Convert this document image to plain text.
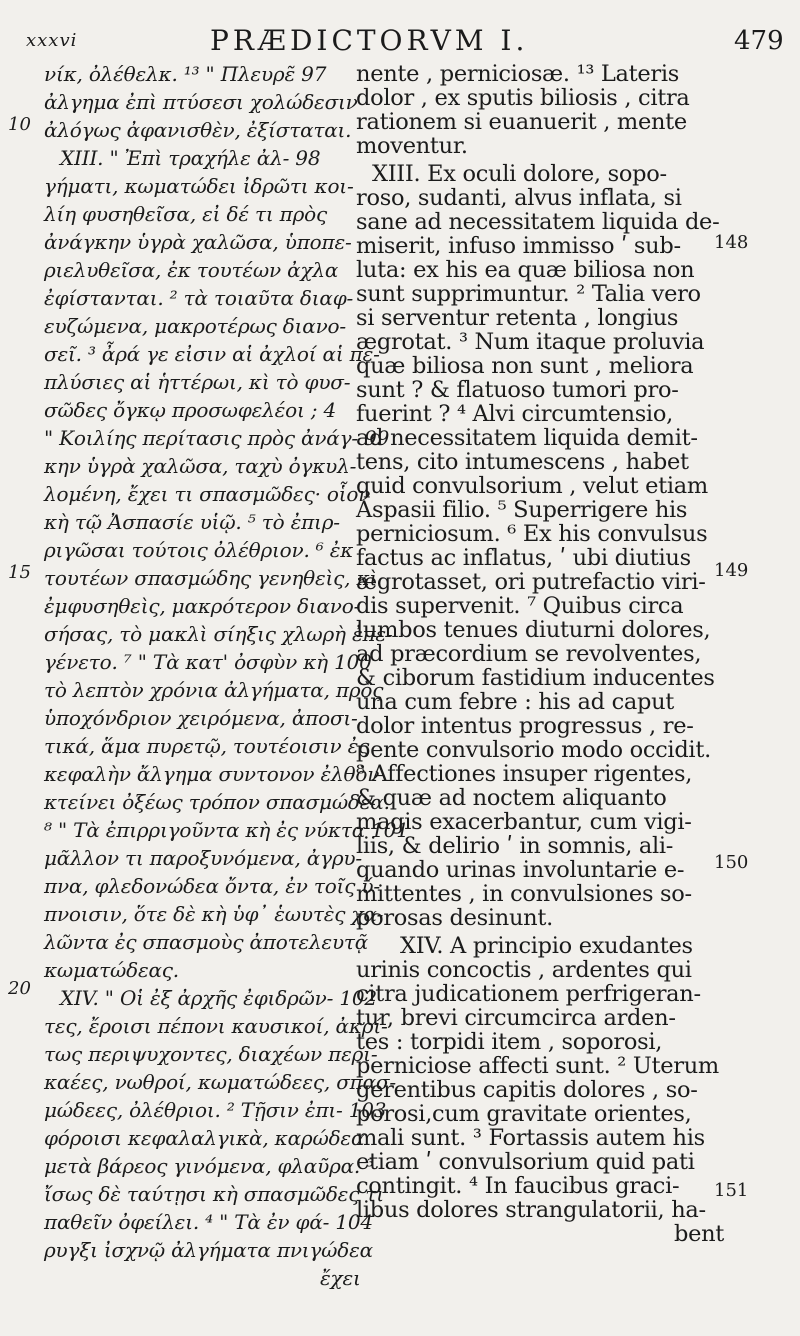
xxxvi	PRÆDICTORVM I.	479
10
15
20
148
149
150
151
νίκ, ὀλέθελκ. ¹³ " Πλευρε̃ 97
ἀλγημα ἐπὶ πτύσεσι χολώδεσιν
ἀλόγως ἀφανισθὲν, ἐξίσταται.
XIII. " Ἐπὶ τραχήλε ἀλ- 98
γήματι, κωματώδει ἰδρῶτι κοι-
λίη φυσηθεῖσα, εἰ δέ τι πρὸς
ἀνάγκην ὑγρὰ χαλῶσα, ὑποπε-
ριελυθεῖσα, ἐκ τουτέων ἀχλα
ἐφίστανται. ² τὰ τοιαῦτα διαφ-
ευζώμενα, μακροτέρως διανο-
σεῖ. ³ ἆρά γε εἰσιν αἱ ἀχλοί αἱ πε-
πλύσιες αἱ ἡττέρωι, κὶ τὸ φυσ-
σῶδες ὄγκῳ προσωφελέοι ; 4
" Κοιλίης περίτασις πρὸς ἀνάγ- 99
κην ὑγρὰ χαλῶσα, ταχὺ ὀγκυλ-
λομένη, ἔχει τι σπασμῶδες· οἷον
κὴ τῷ Ἀσπασίε υἱῷ. ⁵ τὸ ἐπιρ-
ριγῶσαι τούτοις ὀλέθριον. ⁶ ἐκ
τουτέων σπασμώδης γενηθεὶς, κὶ
ἐμφυσηθεὶς, μακρότερον διανο-
σήσας, τὸ μακλὶ σίηξις χλωρὴ ἐπε-
γένετο. ⁷ " Τὰ κατ' ὀσφὺν κὴ 100
τὸ λεπτὸν χρόνια ἀλγήματα, πρὸς
ὑποχόνδριον χειρόμενα, ἀποσι-
τικά, ἅμα πυρετῷ, τουτέοισιν ἐς
κεφαλὴν ἄλγημα συντονον ἐλθὸν
κτείνει ὀξέως τρόπον σπασμώδεα.
⁸ " Τὰ ἐπιρριγοῦντα κὴ ἐς νύκτα 101
μᾶλλον τι παροξυνόμενα, ἀγρυ-
πνα, φλεδονώδεα ὄντα, ἐν τοῖς ὕ-
πνοισιν, ὅτε δὲ κὴ ὑφ᾽ ἑωυτὲς χα-
λῶντα ἐς σπασμοὺς ἀποτελευτᾷ
κωματώδεας.
XIV. " Οἱ ἐξ ἀρχῆς ἐφιδρῶν- 102
τες, ἔροισι πέπονι καυσικοί, ἀκρί-
τως περιψυχοντες, διαχέων περι-
καέες, νωθροί, κωματώδεες, σπασ-
μώδεες, ὀλέθριοι. ² Τῇσιν ἐπι- 103
φόροισι κεφαλαλγικὰ, καρώδεα
μετὰ βάρεος γινόμενα, φλαῦρα. ³
ἴσως δὲ ταύτῃσι κὴ σπασμῶδες τι
παθεῖν ὀφείλει. ⁴ " Τὰ ἐν φά- 104
ρυγξι ἰσχνῷ ἀλγήματα πνιγώδεα
ἔχει
nente , perniciosæ. ¹³ Lateris
dolor , ex sputis biliosis , citra
rationem si euanuerit , mente
moventur.
XIII. Ex oculi dolore, sopo-
roso, sudanti, alvus inflata, si
sane ad necessitatem liquida de-
miserit, infuso immisso ʹ sub-
luta: ex his ea quæ biliosa non
sunt supprimuntur. ² Talia vero
si serventur retenta , longius
ægrotat. ³ Num itaque proluvia
quæ biliosa non sunt , meliora
sunt ? & flatuoso tumori pro-
fuerint ? ⁴ Alvi circumtensio,
ad necessitatem liquida demit-
tens, cito intumescens , habet
quid convulsorium , velut etiam
Aspasii filio. ⁵ Superrigere his
perniciosum. ⁶ Ex his convulsus
factus ac inflatus, ʹ ubi diutius
ægrotasset, ori putrefactio viri-
dis supervenit. ⁷ Quibus circa
lumbos tenues diuturni dolores,
ad præcordium se revolventes,
& ciborum fastidium inducentes
una cum febre : his ad caput
dolor intentus progressus , re-
pente convulsorio modo occidit.
⁸ Affectiones insuper rigentes,
& quæ ad noctem aliquanto
magis exacerbantur, cum vigi-
liis, & delirio ʹ in somnis, ali-
quando urinas involuntarie e-
mittentes , in convulsiones so-
porosas desinunt.
XIV. A principio exudantes
urinis concoctis , ardentes qui
citra judicationem perfrigeran-
tur, brevi circumcirca arden-
tes : torpidi item , soporosi,
perniciose affecti sunt. ² Uterum
gerentibus capitis dolores , so-
porosi,cum gravitate orientes,
mali sunt. ³ Fortassis autem his
etiam ʹ convulsorium quid pati
contingit. ⁴ In faucibus graci-
libus dolores strangulatorii, ha-
bent
